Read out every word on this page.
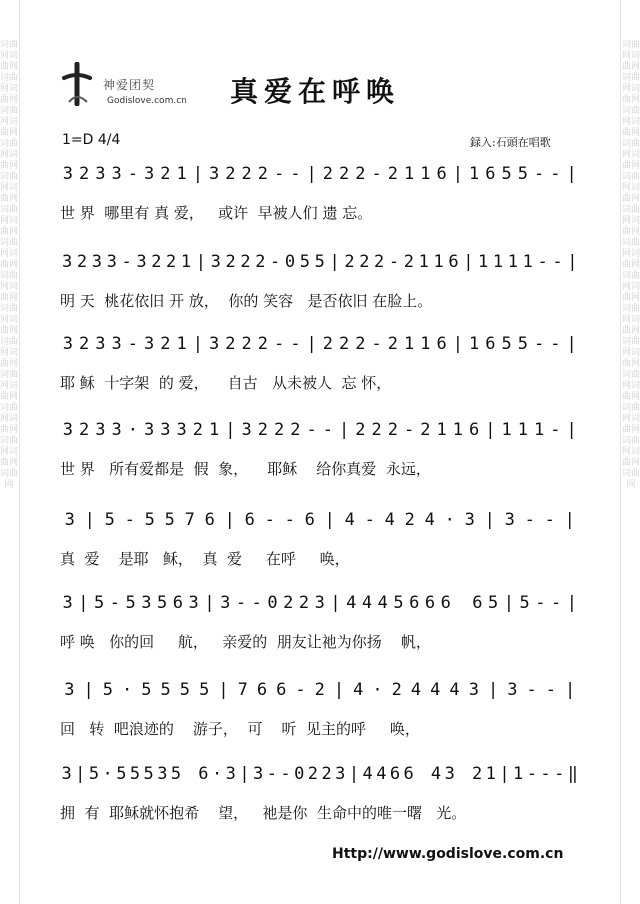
词曲网词曲网词曲网词曲网词曲网词曲网词曲网词曲网词曲网词曲网词曲网词曲网词曲网词曲网词曲网词曲网词曲网词曲网词曲网词曲网词曲网词曲网词曲网词曲网词曲网词曲网词曲网
词曲网词曲网词曲网词曲网词曲网词曲网词曲网词曲网词曲网词曲网词曲网词曲网词曲网词曲网词曲网词曲网词曲网词曲网词曲网词曲网词曲网词曲网词曲网词曲网词曲网词曲网词曲网
神爱团契
Godislove.com.cn 真爱在呼唤
1=D 4/4	録入:石頭在唱歌
3 2 3 3 - 3 2 1 | 3 2 2 2 - - | 2 2 2 - 2 1 1 6 | 1 6 5 5 - - |
世 界  哪里有 真 爱，   或许  早被人们 遗 忘。
3 2 3 3 - 3 2 2 1 | 3 2 2 2 - 0 5 5 | 2 2 2 - 2 1 1 6 | 1 1 1 1 - - |
明 天  桃花依旧 开 放，  你的 笑容   是否依旧 在脸上。
3 2 3 3 - 3 2 1 | 3 2 2 2 - - | 2 2 2 - 2 1 1 6 | 1 6 5 5 - - |
耶 稣  十字架  的 爱，    自古   从未被人  忘 怀，
3 2 3 3 · 3 3 3 2 1 | 3 2 2 2 - - | 2 2 2 - 2 1 1 6 | 1 1 1 - |
世 界   所有爱都是  假  象，    耶稣    给你真爱  永远，
3 | 5 - 5 5 7 6 | 6 - - 6 | 4 - 4 2 4 · 3 | 3 - - |
真  爱    是耶   稣，  真  爱     在呼     唤，
3 | 5 - 5 3 5 6 3 | 3 - - 0 2 2 3 | 4 4 4 5 6 6 6
6 5 | 5 - - |
呼 唤   你的回     航，   亲爱的  朋友让祂为你扬    帆，
3 | 5 · 5 5 5 5 | 7 6 6 - 2 | 4 · 2 4 4 4 3 | 3 - - |
回   转  吧浪迹的    游子，  可    听  见主的呼     唤，
3 | 5 · 5 5 5 3 5
6 · 3 | 3 - - 0 2 2 3 | 4 4 6 6
4 3
2 1 | 1 - - - ‖
拥  有  耶稣就怀抱希    望，   祂是你  生命中的唯一曙   光。
Http://www.godislove.com.cn
